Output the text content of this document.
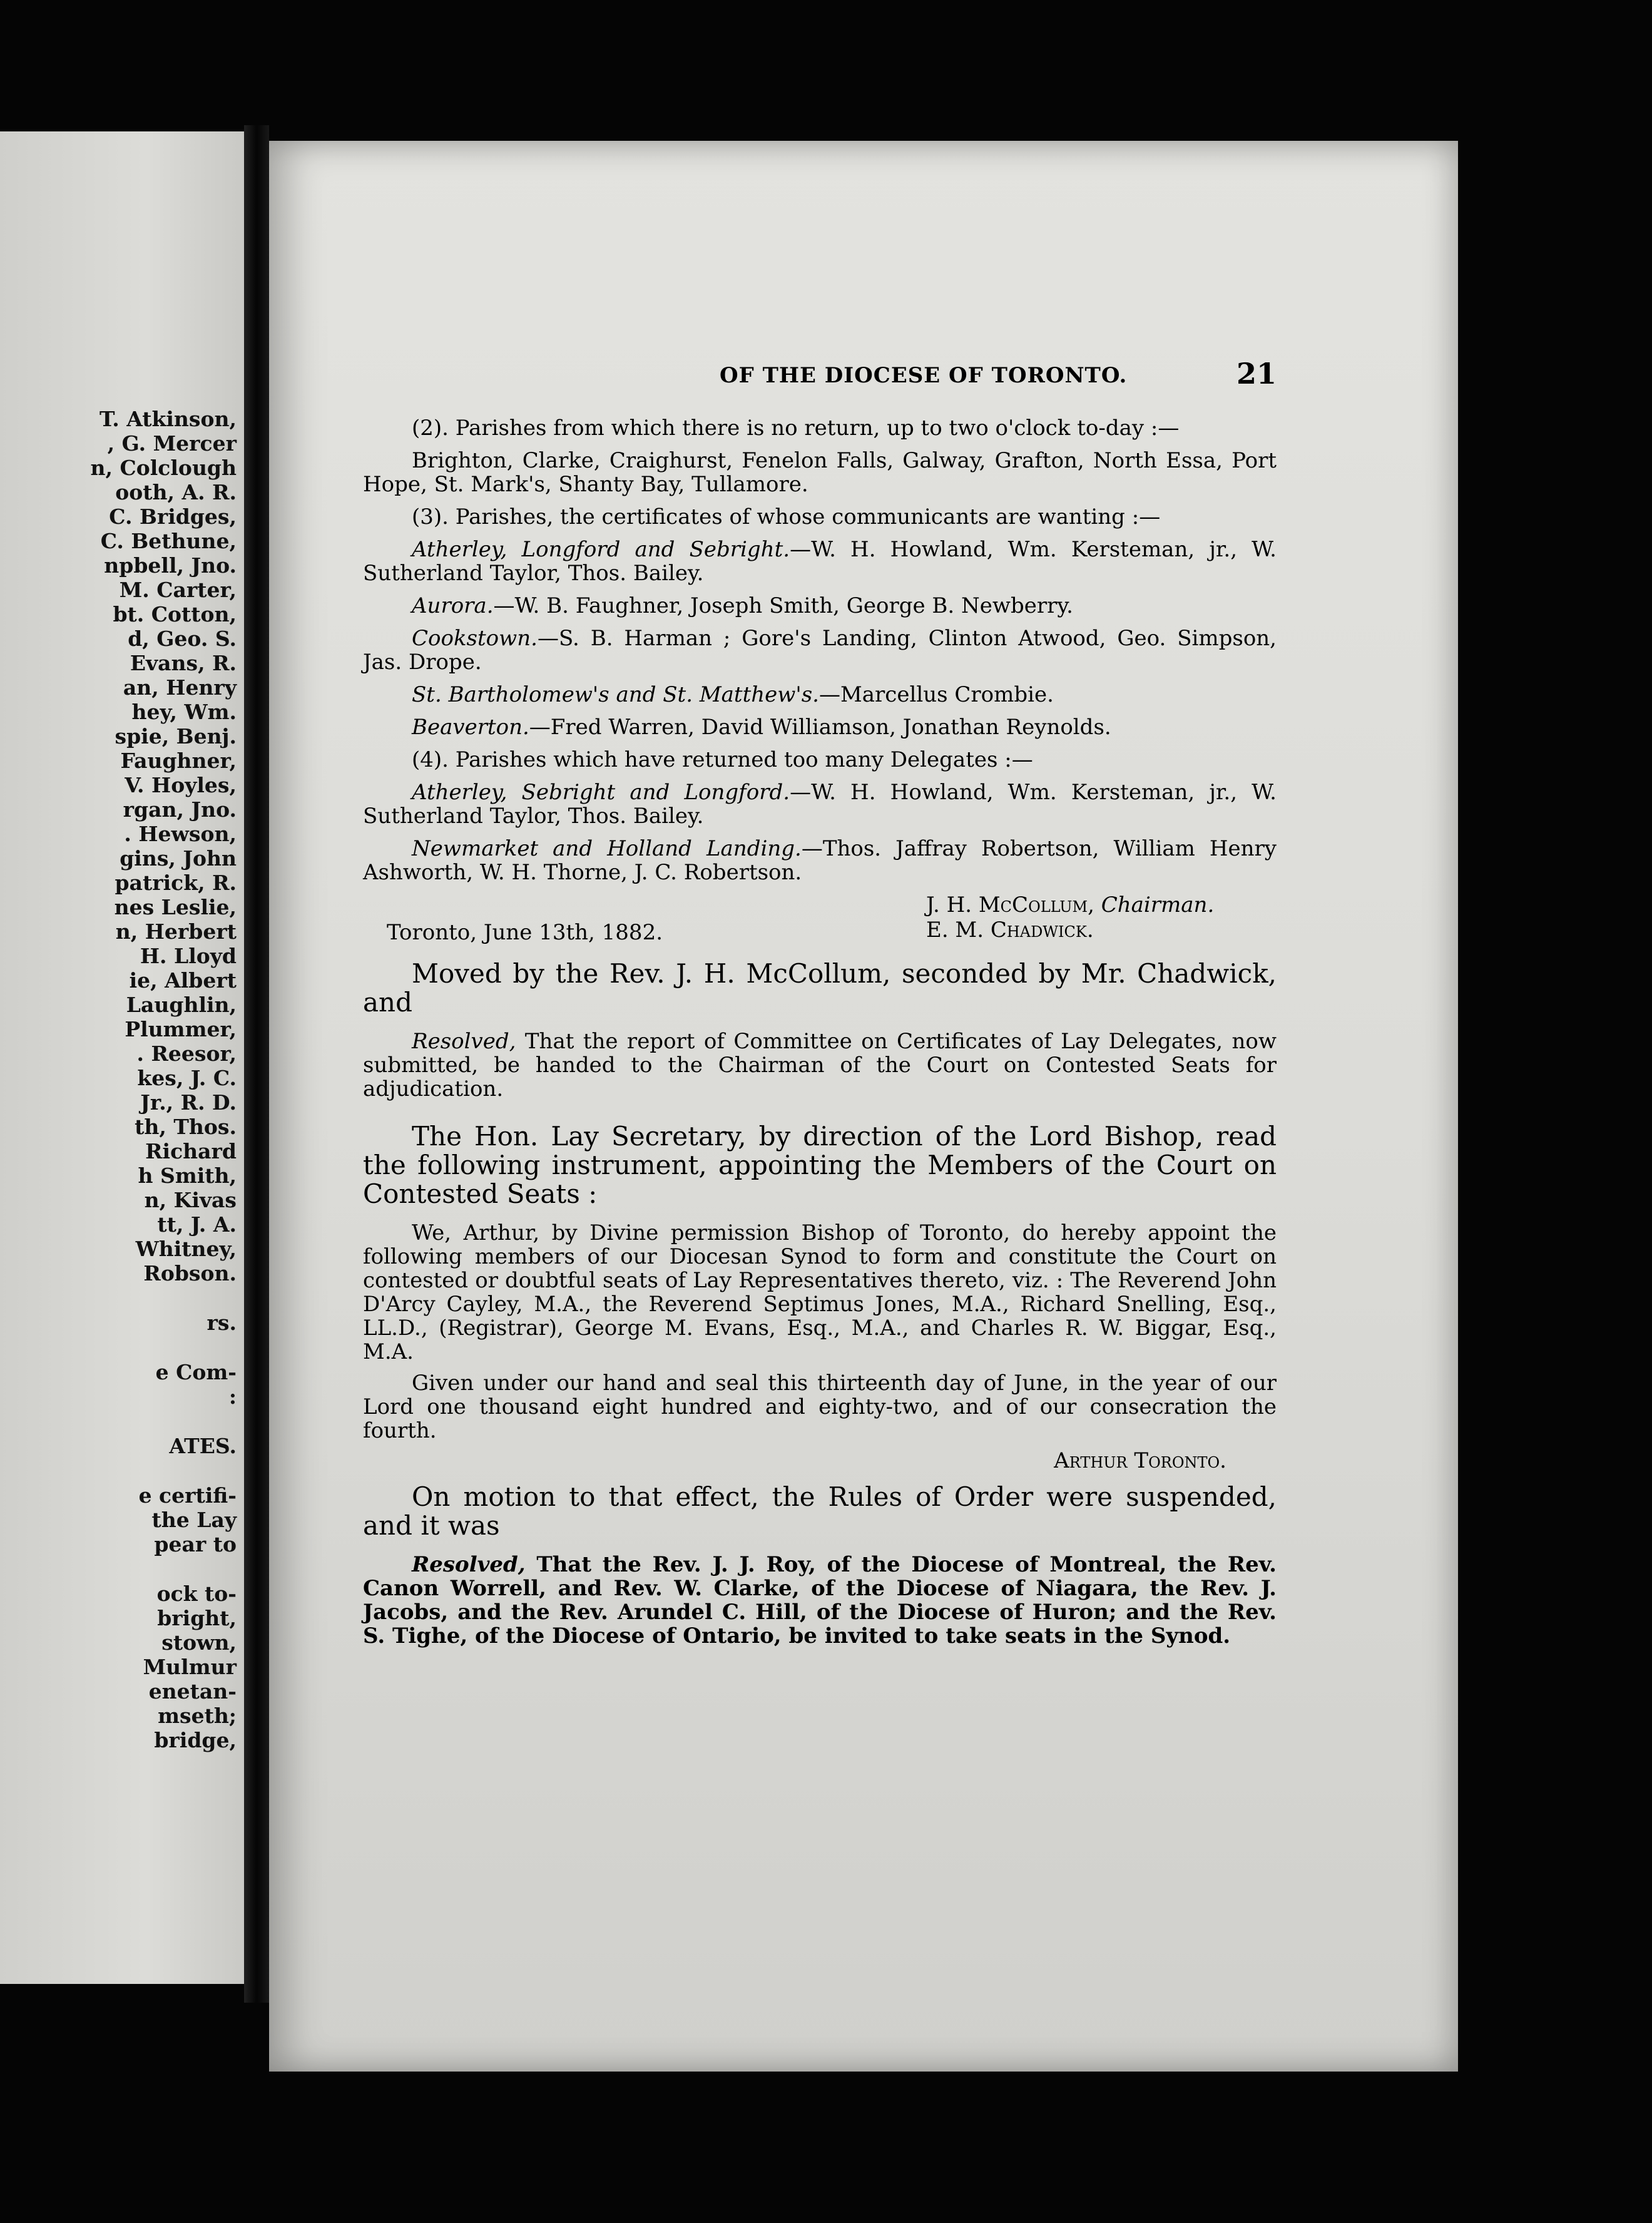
T. Atkinson,
, G. Mercer
n, Colclough
ooth, A. R.
C. Bridges,
C. Bethune,
npbell, Jno.
M. Carter,
bt. Cotton,
d, Geo. S.
Evans, R.
an, Henry
hey, Wm.
spie, Benj.
Faughner,
V. Hoyles,
rgan, Jno.
. Hewson,
gins, John
patrick, R.
nes Leslie,
n, Herbert
H. Lloyd
ie, Albert
Laughlin,
Plummer,
. Reesor,
kes, J. C.
Jr., R. D.
th, Thos.
Richard
h Smith,
n, Kivas
tt, J. A.
Whitney,
Robson.
rs.
e Com-
:
ATES.
e certifi-
the Lay
pear to
ock to-
bright,
stown,
Mulmur
enetan-
mseth;
bridge,
OF THE DIOCESE OF TORONTO.	21

(2). Parishes from which there is no return, up to two o'clock to-day :—

Brighton, Clarke, Craighurst, Fenelon Falls, Galway, Grafton, North Essa, Port Hope, St. Mark's, Shanty Bay, Tullamore.

(3). Parishes, the certificates of whose communicants are wanting :—

Atherley, Longford and Sebright.—W. H. Howland, Wm. Kersteman, jr., W. Sutherland Taylor, Thos. Bailey.

Aurora.—W. B. Faughner, Joseph Smith, George B. Newberry.

Cookstown.—S. B. Harman ; Gore's Landing, Clinton Atwood, Geo. Simpson, Jas. Drope.

St. Bartholomew's and St. Matthew's.—Marcellus Crombie.

Beaverton.—Fred Warren, David Williamson, Jonathan Reynolds.

(4). Parishes which have returned too many Delegates :—

Atherley, Sebright and Longford.—W. H. Howland, Wm. Kersteman, jr., W. Sutherland Taylor, Thos. Bailey.

Newmarket and Holland Landing.—Thos. Jaffray Robertson, William Henry Ashworth, W. H. Thorne, J. C. Robertson.

J. H. McCollum, Chairman.
E. M. Chadwick.

Toronto, June 13th, 1882.

Moved by the Rev. J. H. McCollum, seconded by Mr. Chadwick, and

Resolved, That the report of Committee on Certificates of Lay Delegates, now submitted, be handed to the Chairman of the Court on Contested Seats for adjudication.

The Hon. Lay Secretary, by direction of the Lord Bishop, read the following instrument, appointing the Members of the Court on Contested Seats :

We, Arthur, by Divine permission Bishop of Toronto, do hereby appoint the following members of our Diocesan Synod to form and constitute the Court on contested or doubtful seats of Lay Representatives thereto, viz. : The Reverend John D'Arcy Cayley, M.A., the Reverend Septimus Jones, M.A., Richard Snelling, Esq., LL.D., (Registrar), George M. Evans, Esq., M.A., and Charles R. W. Biggar, Esq., M.A.

Given under our hand and seal this thirteenth day of June, in the year of our Lord one thousand eight hundred and eighty-two, and of our consecration the fourth.

Arthur Toronto.

On motion to that effect, the Rules of Order were suspended, and it was

Resolved, That the Rev. J. J. Roy, of the Diocese of Montreal, the Rev. Canon Worrell, and Rev. W. Clarke, of the Diocese of Niagara, the Rev. J. Jacobs, and the Rev. Arundel C. Hill, of the Diocese of Huron; and the Rev. S. Tighe, of the Diocese of Ontario, be invited to take seats in the Synod.
